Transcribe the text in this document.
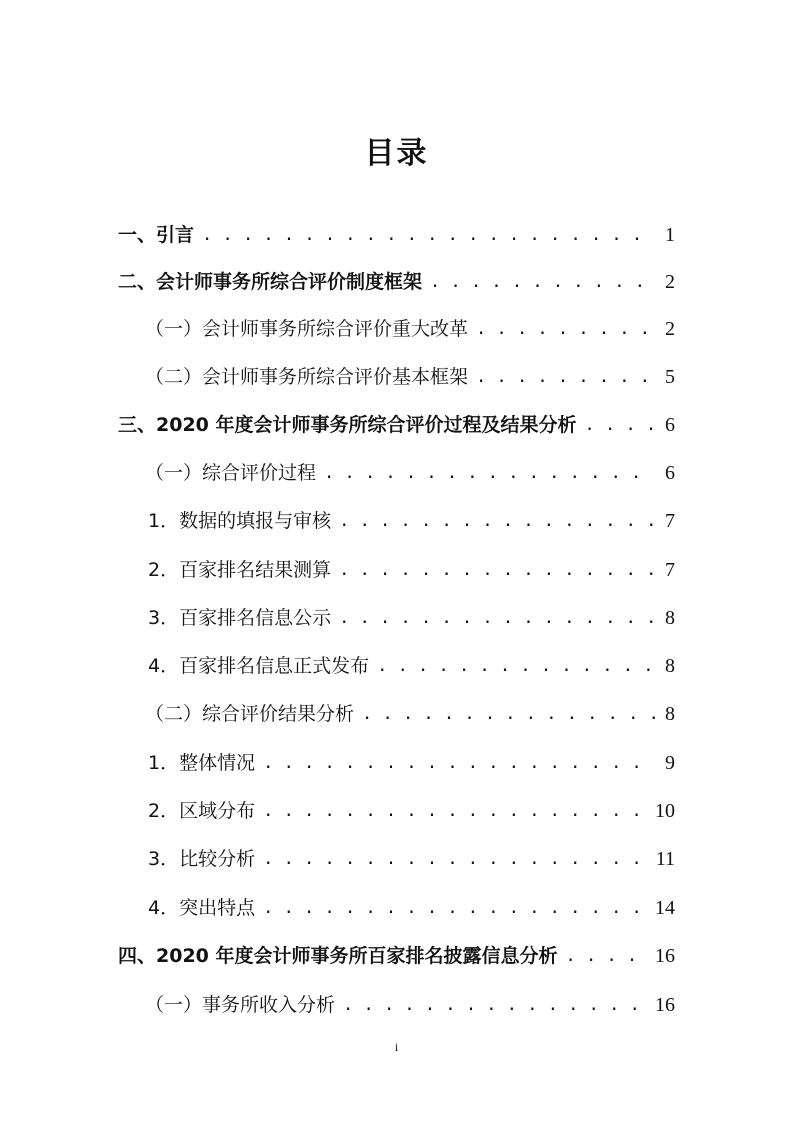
目录
一、引言 . . .	1
二、会计师事务所综合评价制度框架 . . .	2
（一）会计师事务所综合评价重大改革 . . .	2
（二）会计师事务所综合评价基本框架 . . .	5
三、2020 年度会计师事务所综合评价过程及结果分析 . . .	6
（一）综合评价过程 . . .	6
1．数据的填报与审核 . . .	7
2．百家排名结果测算 . . .	7
3．百家排名信息公示 . . .	8
4．百家排名信息正式发布 . . .	8
（二）综合评价结果分析 . . .	8
1．整体情况 . . .	9
2．区域分布 . . .	10
3．比较分析 . . .	11
4．突出特点 . . .	14
四、2020 年度会计师事务所百家排名披露信息分析 . . .	16
（一）事务所收入分析 . . .	16
i
